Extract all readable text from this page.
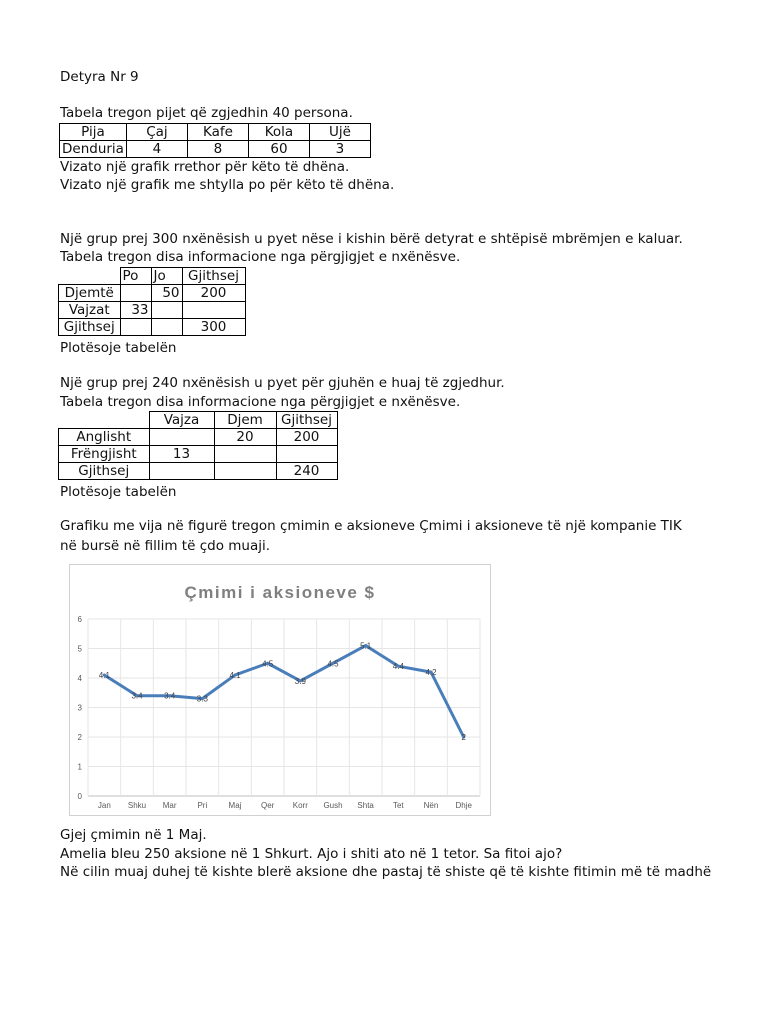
Detyra Nr 9
Tabela tregon pijet që zgjedhin 40 persona.
Pija	Çaj	Kafe	Kola	Ujë
Denduria	4	8	60	3
Vizato një grafik rrethor për këto të dhëna.
Vizato një grafik me shtylla po për këto të dhëna.
Një grup prej 300 nxënësish u pyet nëse i kishin bërë detyrat e shtëpisë mbrëmjen e kaluar.
Tabela tregon disa informacione nga përgjigjet e nxënësve.
	Po	Jo	Gjithsej
Djemtë		50	200
Vajzat	33		
Gjithsej			300
Plotësoje tabelën
Një grup prej 240 nxënësish u pyet për gjuhën e huaj të zgjedhur.
Tabela tregon disa informacione nga përgjigjet e nxënësve.
	Vajza	Djem	Gjithsej
Anglisht		20	200
Frëngjisht	13		
Gjithsej			240
Plotësoje tabelën
Grafiku me vija në figurë tregon çmimin e aksioneve Çmimi i aksioneve të një kompanie TIK
në bursë në fillim të çdo muaji.
Çmimi i aksioneve $
0
1
2
3
4
5
6
Jan Shku Mar	Pri	Maj Qer Korr Gush Shta Tet Nën Dhje
4.1
3.4	3.4	3.3
4.1
4.5
3.9
4.5
5.1
4.4
4.2
2
Gjej çmimin në 1 Maj.
Amelia bleu 250 aksione në 1 Shkurt. Ajo i shiti ato në 1 tetor. Sa fitoi ajo?
Në cilin muaj duhej të kishte blerë aksione dhe pastaj të shiste që të kishte fitimin më të madhë
